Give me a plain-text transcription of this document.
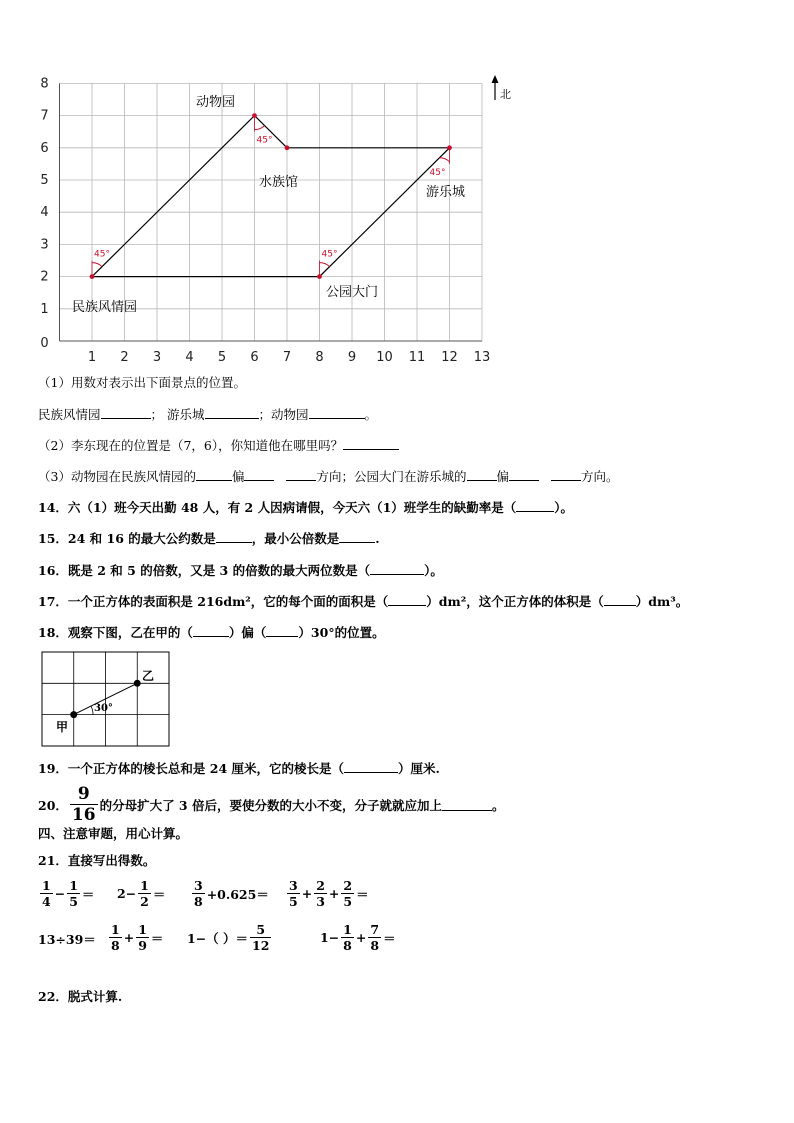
1 2 3 4 5 6 7 8 9 10 11 12 13
0
1
2
3
4
5
6
7
8
45°	45°
45°
45°
北
动物园
水族馆
游乐城
公园大门
民族风情园
（1）用数对表示出下面景点的位置。
民族风情园	； 游乐城	；动物园	。
（2）李东现在的位置是（7，6），你知道他在哪里吗？
（3）动物园在民族风情园的	偏	方向；公园大门在游乐城的 偏	方向。
14．六（1）班今天出勤 48 人，有 2 人因病请假，今天六（1）班学生的缺勤率是（	）。
15．24 和 16 的最大公约数是	，最小公倍数是	.
16．既是 2 和 5 的倍数，又是 3 的倍数的最大两位数是（	）。
17．一个正方体的表面积是 216dm²，它的每个面的面积是（	）dm²，这个正方体的体积是（	）dm³。
18．观察下图，乙在甲的（	）偏（	）30°的位置。
甲
乙
30°
19．一个正方体的棱长总和是 24 厘米，它的棱长是（	）厘米.
20． $\frac{9}{16}$ 的分母扩大了 3 倍后，要使分数的大小不变，分子就就应加上	。
四、注意审题，用心计算。
21．直接写出得数。
$\frac{1}{4} - \frac{1}{5} = 2- \frac{1}{2} = \frac{3}{8} +0.625= \frac{3}{5} + \frac{2}{3} + \frac{2}{5}$ ＝
$13\div 39= \frac{1}{8} + \frac{1}{9} = 1-$（ ）＝ $\frac{5}{12}$	$1- \frac{1}{8} + \frac{7}{8}$ ＝
22．脱式计算.
